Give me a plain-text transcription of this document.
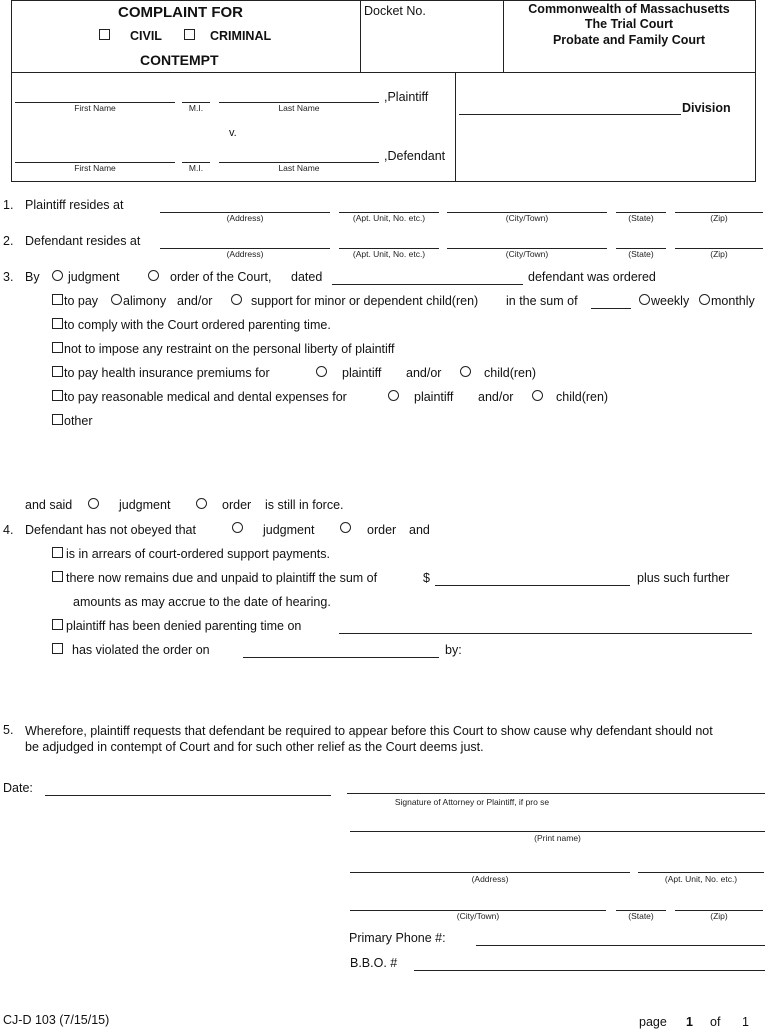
COMPLAINT FOR
CIVIL	CRIMINAL
CONTEMPT
Docket No.	Commonwealth of Massachusetts
The Trial Court
Probate and Family Court
First Name	M.I.	Last Name
,Plaintiff
v.
First Name	M.I.	Last Name
,Defendant
Division
1. Plaintiff resides at
(Address)	(Apt. Unit, No. etc.)	(City/Town)	(State)	(Zip)
2. Defendant resides at
(Address)	(Apt. Unit, No. etc.)	(City/Town)	(State)	(Zip)
3. By judgment	order of the Court, dated	defendant was ordered
to pay alimony and/or	support for minor or dependent child(ren) in the sum of	weekly monthly
to comply with the Court ordered parenting time.
not to impose any restraint on the personal liberty of plaintiff
to pay health insurance premiums for	plaintiff and/or	child(ren)
to pay reasonable medical and dental expenses for	plaintiff and/or	child(ren)
other
and said	judgment	order is still in force.
4. Defendant has not obeyed that	judgment	order and
is in arrears of court-ordered support payments.
there now remains due and unpaid to plaintiff the sum of	$	plus such further
amounts as may accrue to the date of hearing.
plaintiff has been denied parenting time on
has violated the order on	by:
5. Wherefore, plaintiff requests that defendant be required to appear before this Court to show cause why defendant should not
be adjudged in contempt of Court and for such other relief as the Court deems just.
Date:
Signature of Attorney or Plaintiff, if pro se
(Print name)
(Address)	(Apt. Unit, No. etc.)
(City/Town)	(State)	(Zip)
Primary Phone #:
B.B.O. #
CJ-D 103 (7/15/15)	page 1 of 1
